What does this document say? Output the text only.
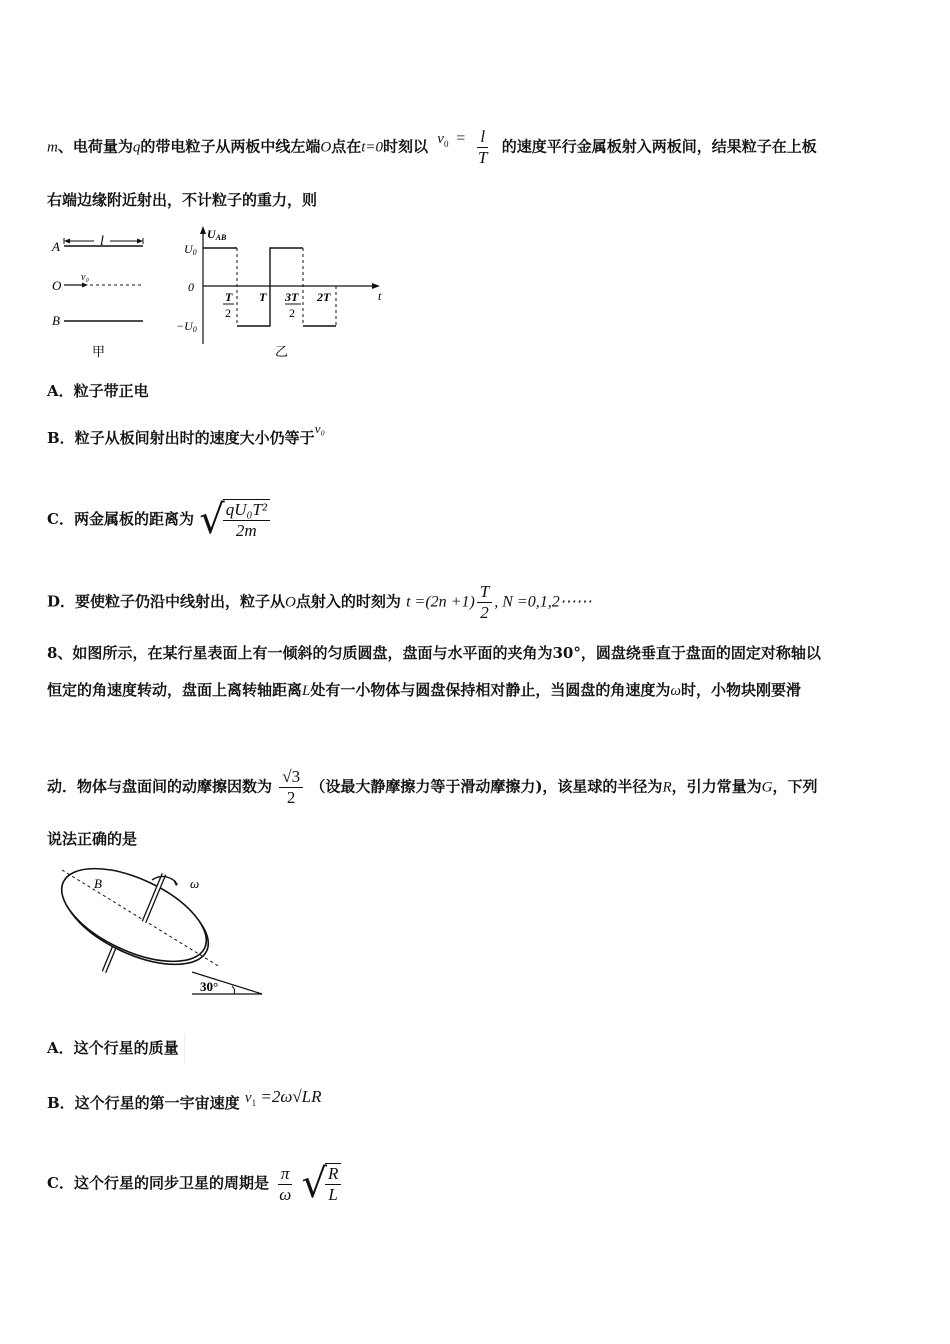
m、电荷量为q的带电粒子从两板中线左端O点在t=0时刻以 $v_0 = \frac{l}{T}$ 的速度平行金属板射入两板间，结果粒子在上板
右端边缘附近射出，不计粒子的重力，则
A	l
O
v₀
B
甲
UAB
t
U0
0
−U0
T
2
T 3T
2
2T
乙
A．粒子带正电
B．粒子从板间射出时的速度大小仍等于v₀
C．两金属板的距离为 √
$\frac{\text{qU₀T²}}{2m}$
D．要使粒子仍沿中线射出，粒子从O点射入的时刻为 $t =(2n +1) \frac{T}{2}$ , N =0,1,2⋯⋯
8、如图所示，在某行星表面上有一倾斜的匀质圆盘，盘面与水平面的夹角为30°，圆盘绕垂直于盘面的固定对称轴以
恒定的角速度转动，盘面上离转轴距离L处有一小物体与圆盘保持相对静止，当圆盘的角速度为ω时，小物块刚要滑
动．物体与盘面间的动摩擦因数为 $\frac{√3}{2}$ （设最大静摩擦力等于滑动摩擦力)，该星球的半径为R，引力常量为G，下列
说法正确的是
B	ω
30°
A．这个行星的质量
B．这个行星的第一宇宙速度 $v_1 =2\omega√LR$
C．这个行星的同步卫星的周期是 $\frac{\pi}{\omega}$
√
$\frac{R}{L}$
